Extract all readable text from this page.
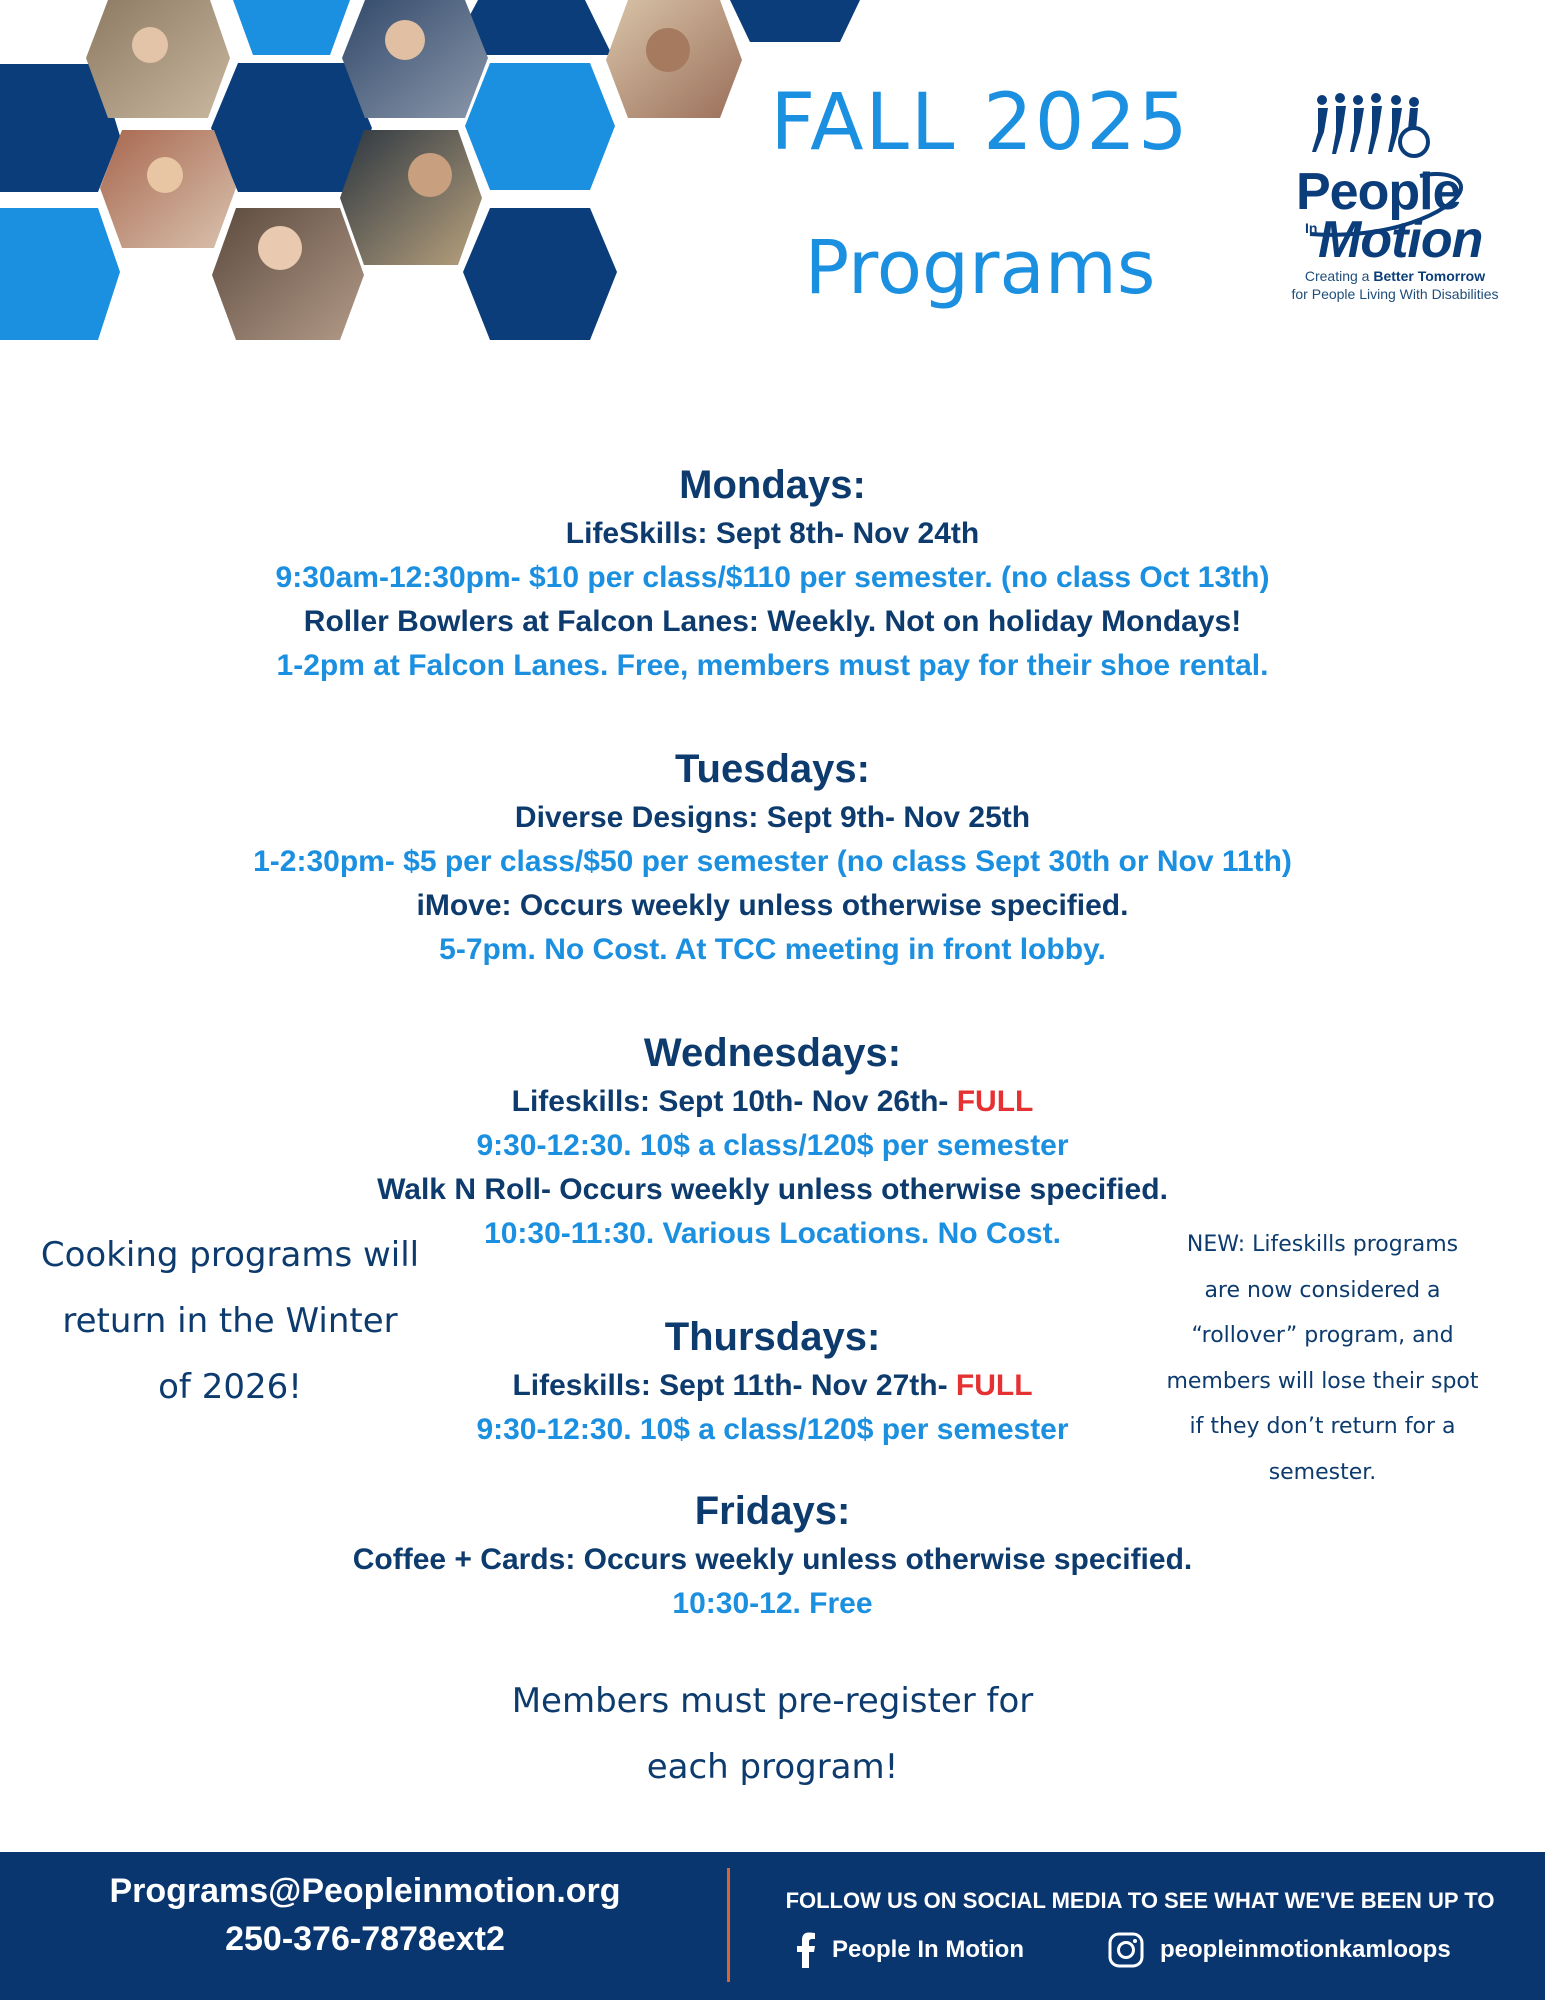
FALL 2025
Programs
People
In Motion
Creating a Better Tomorrow
for People Living With Disabilities

Mondays:

LifeSkills: Sept 8th- Nov 24th

9:30am-12:30pm- $10 per class/$110 per semester. (no class Oct 13th)

Roller Bowlers at Falcon Lanes: Weekly. Not on holiday Mondays!

1-2pm at Falcon Lanes. Free, members must pay for their shoe rental.

Tuesdays:

Diverse Designs: Sept 9th- Nov 25th

1-2:30pm- $5 per class/$50 per semester (no class Sept 30th or Nov 11th)

iMove: Occurs weekly unless otherwise specified.

5-7pm. No Cost. At TCC meeting in front lobby.

Wednesdays:

Lifeskills: Sept 10th- Nov 26th- FULL

9:30-12:30. 10$ a class/120$ per semester

Walk N Roll- Occurs weekly unless otherwise specified.

10:30-11:30. Various Locations. No Cost.

Thursdays:

Lifeskills: Sept 11th- Nov 27th- FULL

9:30-12:30. 10$ a class/120$ per semester

Fridays:

Coffee + Cards: Occurs weekly unless otherwise specified.

10:30-12. Free

Cooking programs will
return in the Winter
of 2026!
NEW: Lifeskills programs
are now considered a
“rollover” program, and
members will lose their spot
if they don’t return for a
semester.
Members must pre-register for
each program!
Programs@Peopleinmotion.org
250-376-7878ext2
FOLLOW US ON SOCIAL MEDIA TO SEE WHAT WE'VE BEEN UP TO
People In Motion	peopleinmotionkamloops
